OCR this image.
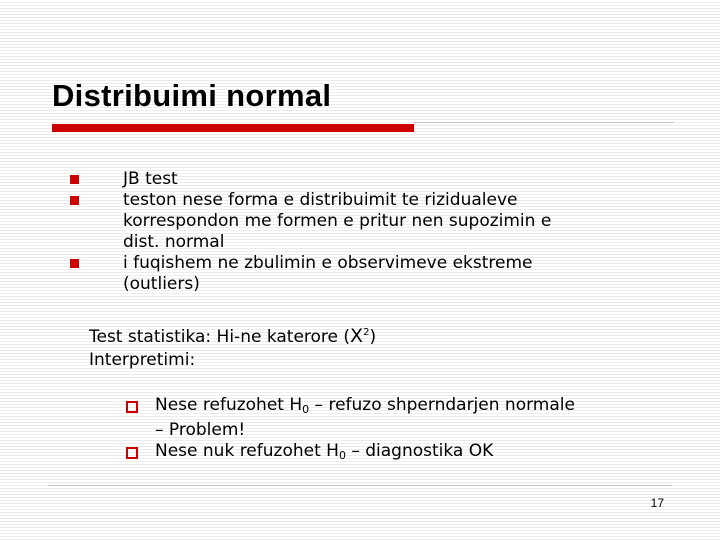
Distribuimi normal
JB test
teston nese forma e distribuimit te rizidualeve
korrespondon me formen e pritur nen supozimin e
dist. normal
i fuqishem ne zbulimin e observimeve ekstreme
(outliers)
Test statistika: Hi-ne katerore $(X^2)$
Interpretimi:
Nese refuzohet $H_0$ – refuzo shperndarjen normale
– Problem!
Nese nuk refuzohet $H_0$ – diagnostika OK
17
